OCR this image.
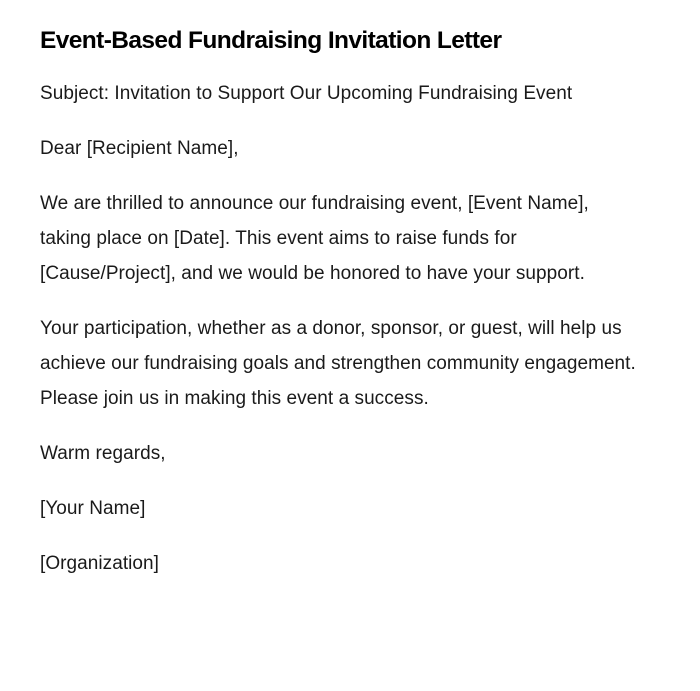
Event-Based Fundraising Invitation Letter

Subject: Invitation to Support Our Upcoming Fundraising Event

Dear [Recipient Name],

We are thrilled to announce our fundraising event, [Event Name], taking place on [Date]. This event aims to raise funds for [Cause/Project], and we would be honored to have your support.

Your participation, whether as a donor, sponsor, or guest, will help us achieve our fundraising goals and strengthen community engagement. Please join us in making this event a success.

Warm regards,

[Your Name]

[Organization]
